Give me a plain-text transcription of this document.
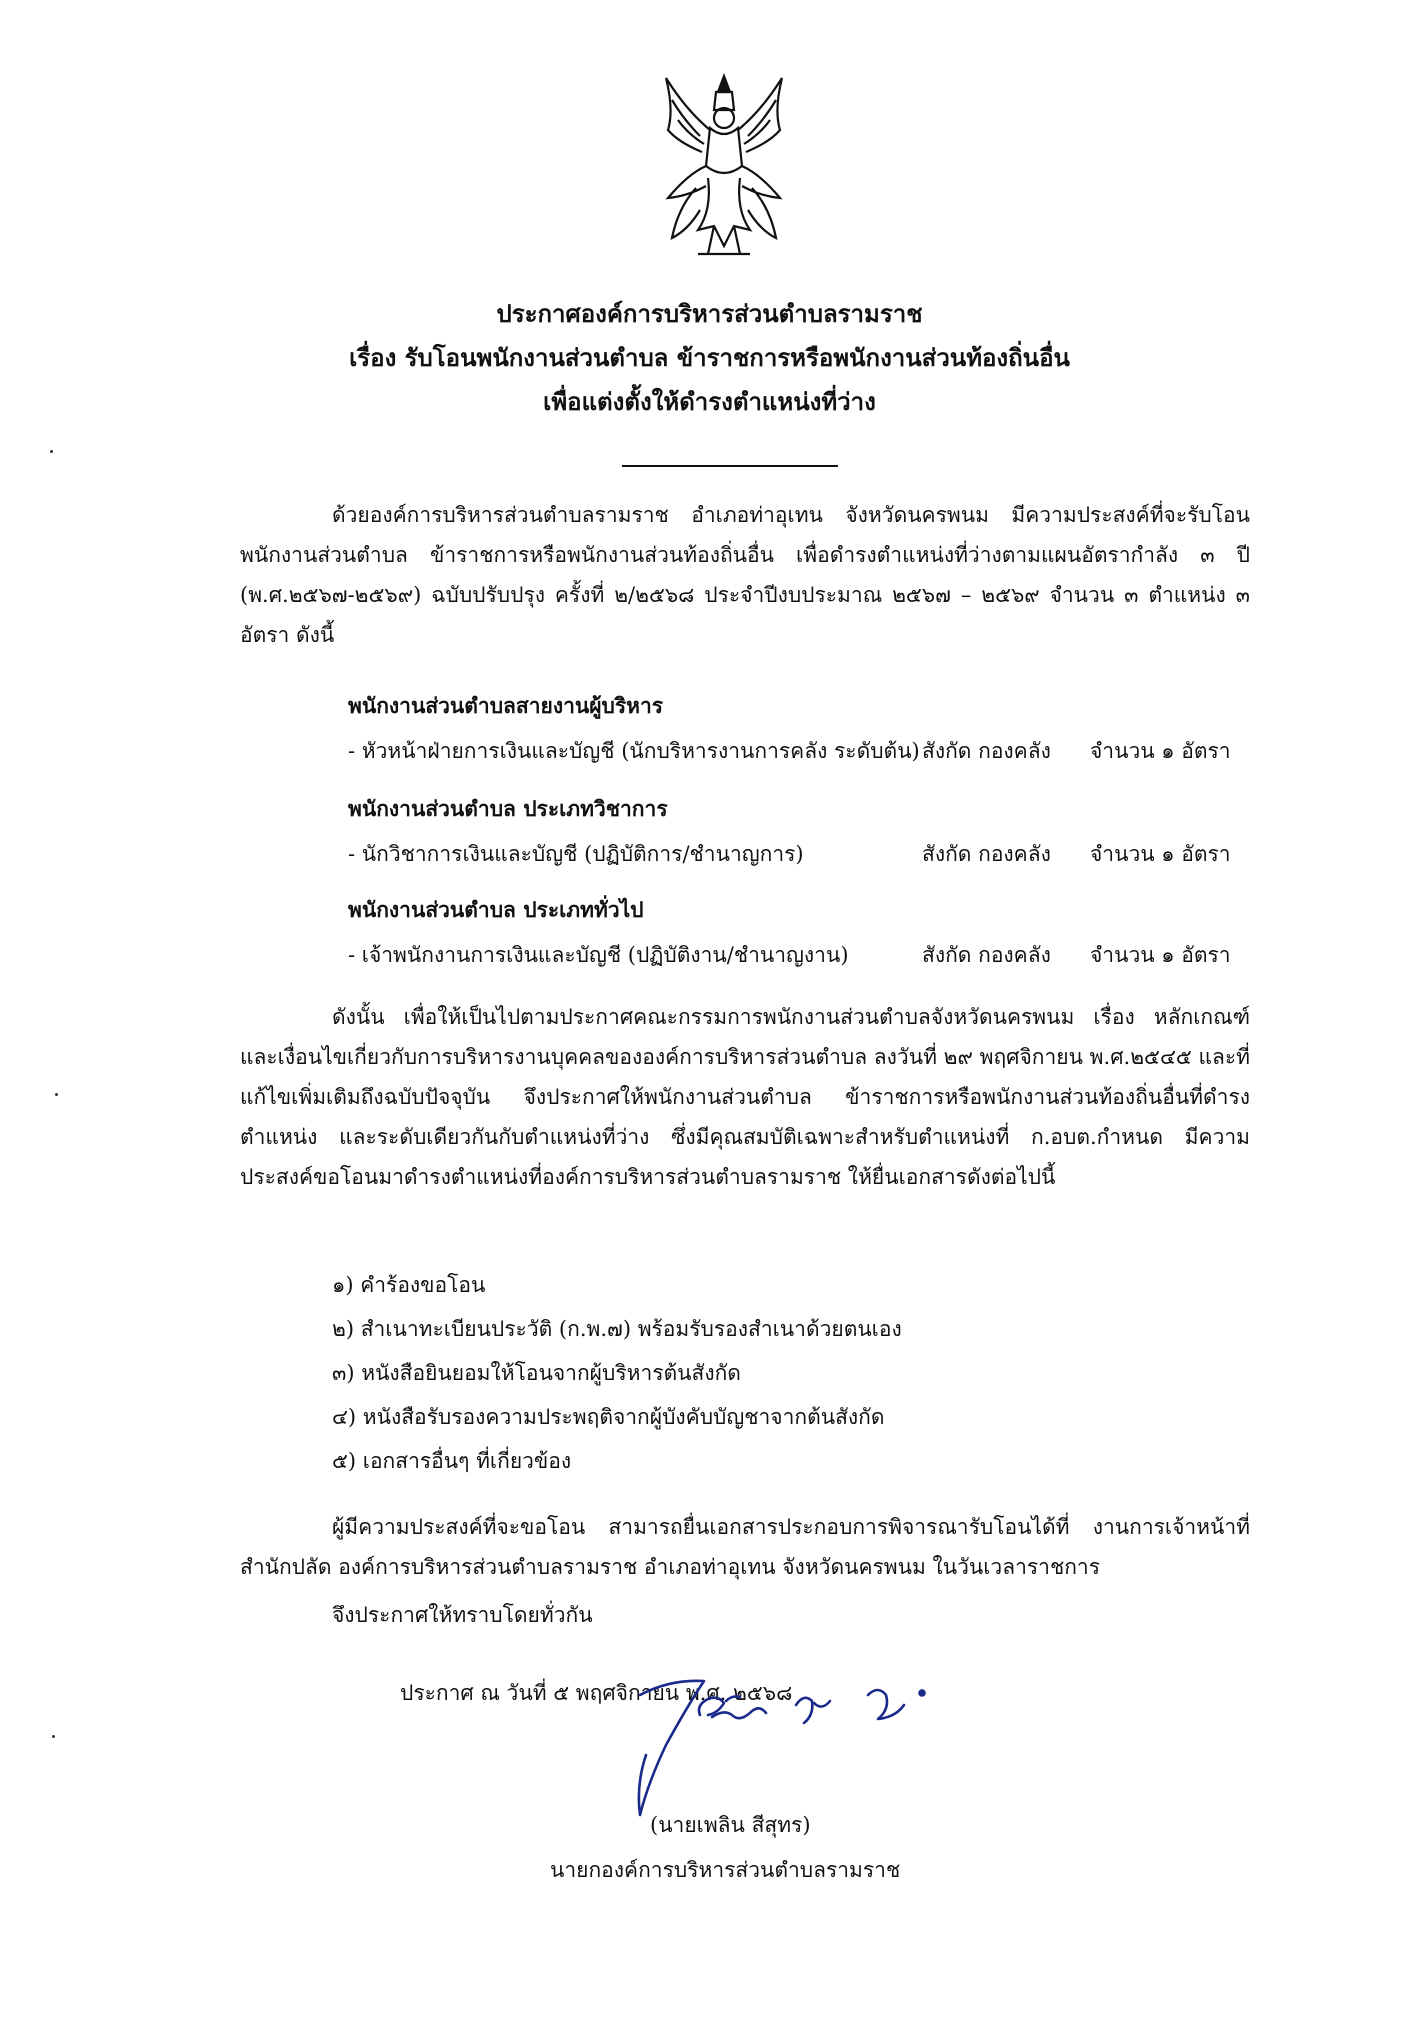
ประกาศองค์การบริหารส่วนตำบลรามราช
เรื่อง รับโอนพนักงานส่วนตำบล ข้าราชการหรือพนักงานส่วนท้องถิ่นอื่น
เพื่อแต่งตั้งให้ดำรงตำแหน่งที่ว่าง
ด้วยองค์การบริหารส่วนตำบลรามราช อำเภอท่าอุเทน จังหวัดนครพนม มีความประสงค์ที่จะรับโอนพนักงานส่วนตำบล ข้าราชการหรือพนักงานส่วนท้องถิ่นอื่น เพื่อดำรงตำแหน่งที่ว่างตามแผนอัตรากำลัง ๓ ปี (พ.ศ.๒๕๖๗-๒๕๖๙) ฉบับปรับปรุง ครั้งที่ ๒/๒๕๖๘ ประจำปีงบประมาณ ๒๕๖๗ – ๒๕๖๙ จำนวน ๓ ตำแหน่ง ๓ อัตรา ดังนี้
พนักงานส่วนตำบลสายงานผู้บริหาร
- หัวหน้าฝ่ายการเงินและบัญชี (นักบริหารงานการคลัง ระดับต้น) สังกัด กองคลัง จำนวน ๑ อัตรา
พนักงานส่วนตำบล ประเภทวิชาการ
- นักวิชาการเงินและบัญชี (ปฏิบัติการ/ชำนาญการ)	สังกัด กองคลัง จำนวน ๑ อัตรา
พนักงานส่วนตำบล ประเภททั่วไป
- เจ้าพนักงานการเงินและบัญชี (ปฏิบัติงาน/ชำนาญงาน)	สังกัด กองคลัง จำนวน ๑ อัตรา
ดังนั้น เพื่อให้เป็นไปตามประกาศคณะกรรมการพนักงานส่วนตำบลจังหวัดนครพนม เรื่อง หลักเกณฑ์และเงื่อนไขเกี่ยวกับการบริหารงานบุคคลขององค์การบริหารส่วนตำบล ลงวันที่ ๒๙ พฤศจิกายน พ.ศ.๒๕๔๕ และที่แก้ไขเพิ่มเติมถึงฉบับปัจจุบัน จึงประกาศให้พนักงานส่วนตำบล ข้าราชการหรือพนักงานส่วนท้องถิ่นอื่นที่ดำรงตำแหน่ง และระดับเดียวกันกับตำแหน่งที่ว่าง ซึ่งมีคุณสมบัติเฉพาะสำหรับตำแหน่งที่ ก.อบต.กำหนด มีความประสงค์ขอโอนมาดำรงตำแหน่งที่องค์การบริหารส่วนตำบลรามราช ให้ยื่นเอกสารดังต่อไปนี้
๑) คำร้องขอโอน
๒) สำเนาทะเบียนประวัติ (ก.พ.๗) พร้อมรับรองสำเนาด้วยตนเอง
๓) หนังสือยินยอมให้โอนจากผู้บริหารต้นสังกัด
๔) หนังสือรับรองความประพฤติจากผู้บังคับบัญชาจากต้นสังกัด
๕) เอกสารอื่นๆ ที่เกี่ยวข้อง
ผู้มีความประสงค์ที่จะขอโอน สามารถยื่นเอกสารประกอบการพิจารณารับโอนได้ที่ งานการเจ้าหน้าที่ สำนักปลัด องค์การบริหารส่วนตำบลรามราช อำเภอท่าอุเทน จังหวัดนครพนม ในวันเวลาราชการ
จึงประกาศให้ทราบโดยทั่วกัน
ประกาศ ณ วันที่ ๕ พฤศจิกายน พ.ศ. ๒๕๖๘
(นายเพลิน สีสุทร)
นายกองค์การบริหารส่วนตำบลรามราช
